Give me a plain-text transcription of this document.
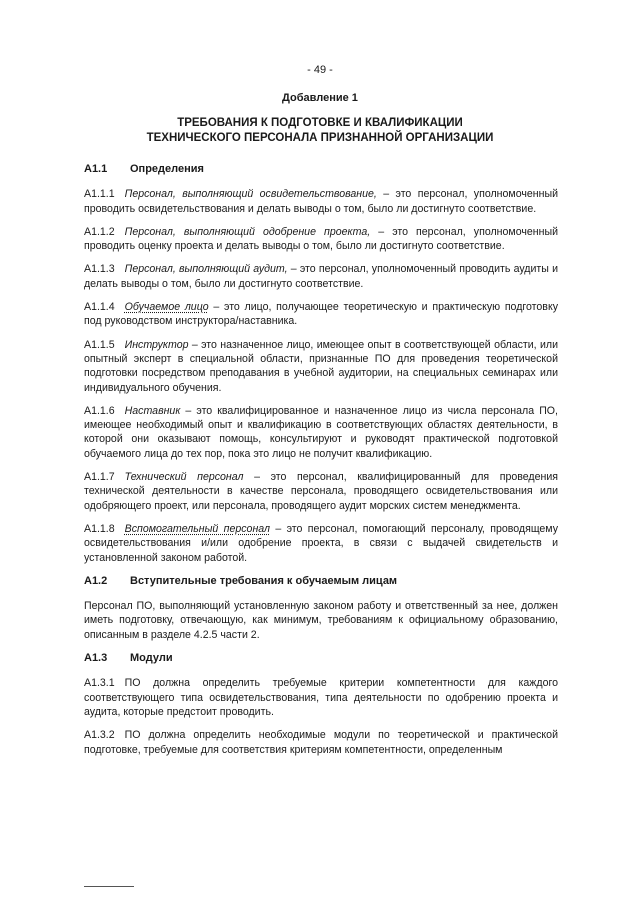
- 49 -
Добавление 1
ТРЕБОВАНИЯ К ПОДГОТОВКЕ И КВАЛИФИКАЦИИ
ТЕХНИЧЕСКОГО ПЕРСОНАЛА ПРИЗНАННОЙ ОРГАНИЗАЦИИ
А1.1	Определения

А1.1.1 Персонал, выполняющий освидетельствование, – это персонал, уполномоченный проводить освидетельствования и делать выводы о том, было ли достигнуто соответствие.

А1.1.2 Персонал, выполняющий одобрение проекта, – это персонал, уполномоченный проводить оценку проекта и делать выводы о том, было ли достигнуто соответствие.

А1.1.3 Персонал, выполняющий аудит, – это персонал, уполномоченный проводить аудиты и делать выводы о том, было ли достигнуто соответствие.

А1.1.4 Обучаемое лицо – это лицо, получающее теоретическую и практическую подготовку под руководством инструктора/наставника.

А1.1.5 Инструктор – это назначенное лицо, имеющее опыт в соответствующей области, или опытный эксперт в специальной области, признанные ПО для проведения теоретической подготовки посредством преподавания в учебной аудитории, на специальных семинарах или индивидуального обучения.

А1.1.6 Наставник – это квалифицированное и назначенное лицо из числа персонала ПО, имеющее необходимый опыт и квалификацию в соответствующих областях деятельности, в которой они оказывают помощь, консультируют и руководят практической подготовкой обучаемого лица до тех пор, пока это лицо не получит квалификацию.

А1.1.7 Технический персонал – это персонал, квалифицированный для проведения технической деятельности в качестве персонала, проводящего освидетельствования или одобряющего проект, или персонала, проводящего аудит морских систем менеджмента.

А1.1.8 Вспомогательный персонал – это персонал, помогающий персоналу, проводящему освидетельствования и/или одобрение проекта, в связи с выдачей свидетельств и установленной законом работой.

А1.2	Вступительные требования к обучаемым лицам

Персонал ПО, выполняющий установленную законом работу и ответственный за нее, должен иметь подготовку, отвечающую, как минимум, требованиям к официальному образованию, описанным в разделе 4.2.5 части 2.

А1.3	Модули

А1.3.1 ПО должна определить требуемые критерии компетентности для каждого соответствующего типа освидетельствования, типа деятельности по одобрению проекта и аудита, которые предстоит проводить.

А1.3.2 ПО должна определить необходимые модули по теоретической и практической подготовке, требуемые для соответствия критериям компетентности, определенным
